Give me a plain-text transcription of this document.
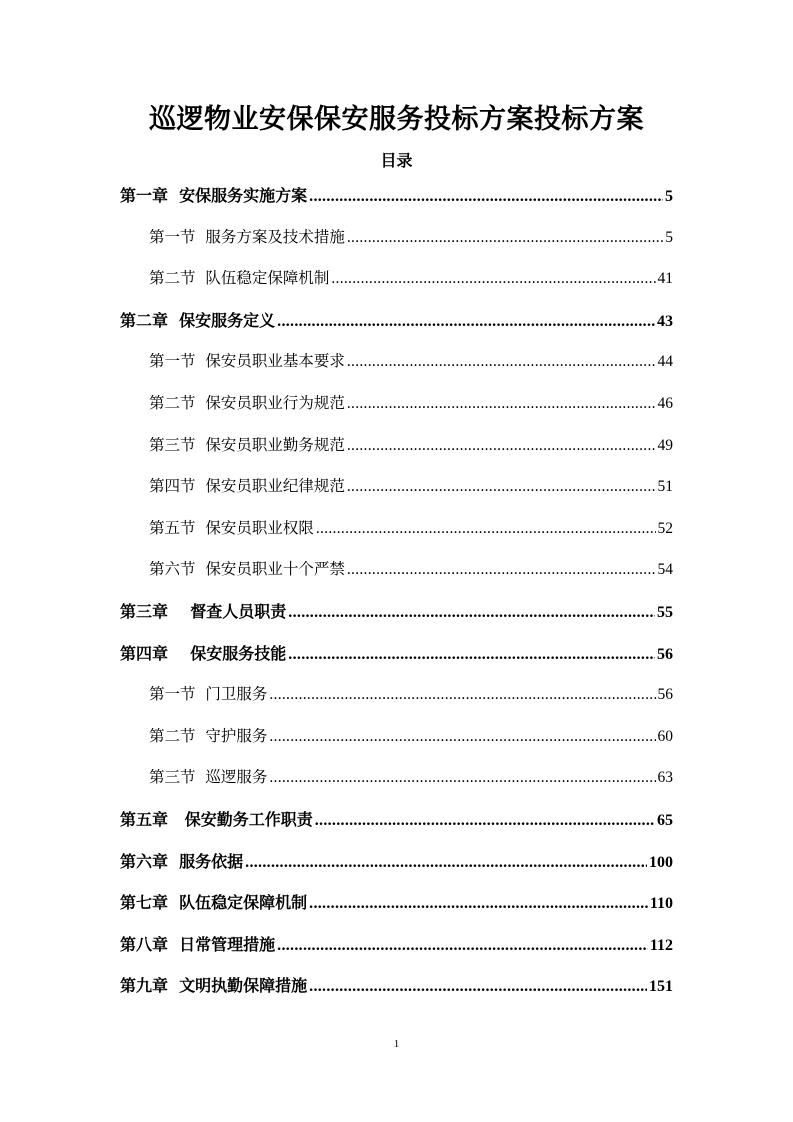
巡逻物业安保保安服务投标方案投标方案
目录
第一章  安保服务实施方案 .....	5
第一节  服务方案及技术措施 .....	5
第二节  队伍稳定保障机制 .....	41
第二章  保安服务定义 .....	43
第一节  保安员职业基本要求 .....	44
第二节  保安员职业行为规范 .....	46
第三节  保安员职业勤务规范 .....	49
第四节  保安员职业纪律规范 .....	51
第五节  保安员职业权限 .....	52
第六节  保安员职业十个严禁 .....	54
第三章    督查人员职责 .....	55
第四章    保安服务技能 .....	56
第一节  门卫服务 .....	56
第二节  守护服务 .....	60
第三节  巡逻服务 .....	63
第五章   保安勤务工作职责 .....	65
第六章  服务依据 .....	100
第七章  队伍稳定保障机制 .....	110
第八章  日常管理措施 .....	112
第九章  文明执勤保障措施 .....	151
1
